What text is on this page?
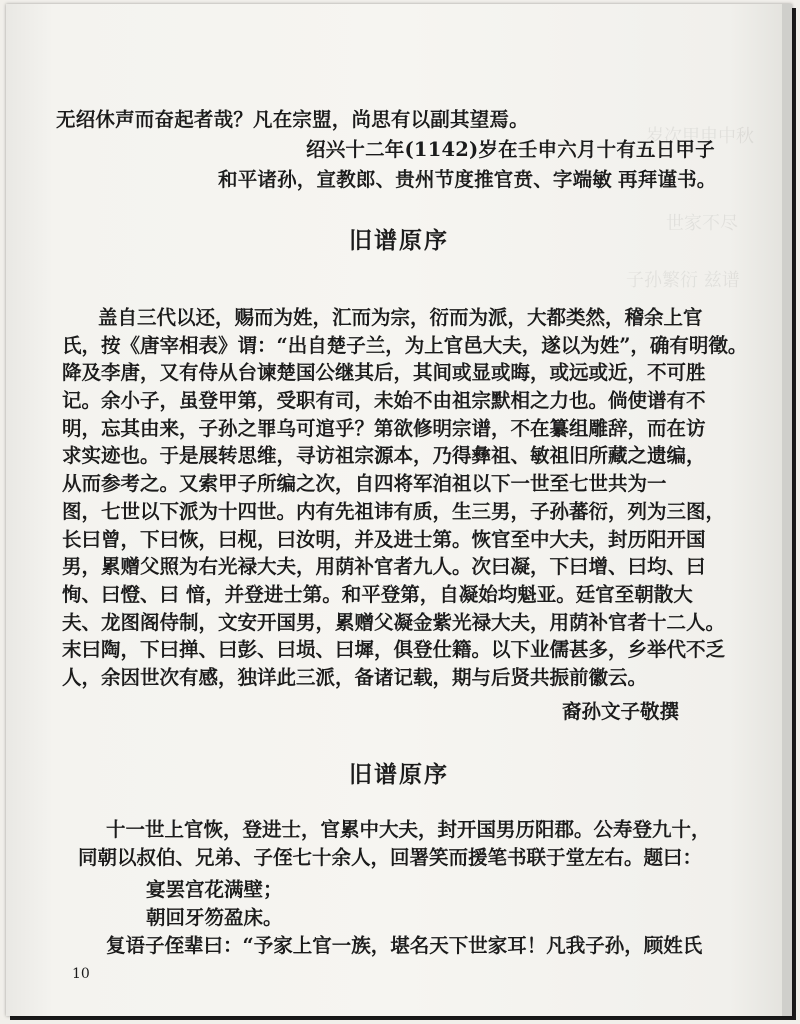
岁次甲申中秋
世家不尽
子孙繁衍 兹谱
无绍休声而奋起者哉？凡在宗盟，尚思有以副其望焉。
绍兴十二年(1142)岁在壬申六月十有五日甲子
和平诸孙，宣教郎、贵州节度推官贲、字端敏 再拜谨书。
旧谱原序
盖自三代以还，赐而为姓，汇而为宗，衍而为派，大都类然，稽余上官
氏，按《唐宰相表》谓：“出自楚子兰，为上官邑大夫，遂以为姓”，确有明徵。
降及李唐，又有侍从台谏楚国公继其后，其间或显或晦，或远或近，不可胜
记。余小子，虽登甲第，受职有司，未始不由祖宗默相之力也。倘使谱有不
明，忘其由来，子孙之罪乌可逭乎？第欲修明宗谱，不在纂组雕辞，而在访
求实迹也。于是展转思维，寻访祖宗源本，乃得彝祖、敏祖旧所藏之遗编，
从而参考之。又索甲子所编之次，自四将军洎祖以下一世至七世共为一
图，七世以下派为十四世。内有先祖讳有质，生三男，子孙蕃衍，列为三图，
长曰曾，下曰恢，曰枧，曰汝明，并及进士第。恢官至中大夫，封历阳开国
男，累赠父照为右光禄大夫，用荫补官者九人。次曰凝，下曰增、曰均、曰
恂、曰憕、曰 愔，并登进士第。和平登第，自凝始均魁亚。廷官至朝散大
夫、龙图阁侍制，文安开国男，累赠父凝金紫光禄大夫，用荫补官者十二人。
末曰陶，下曰掸、曰彭、曰埙、曰墀，俱登仕籍。以下业儒甚多，乡举代不乏
人，余因世次有感，独详此三派，备诸记载，期与后贤共振前徽云。
裔孙文子敬撰
旧谱原序
十一世上官恢，登进士，官累中大夫，封开国男历阳郡。公寿登九十，
同朝以叔伯、兄弟、子侄七十余人，回署笑而援笔书联于堂左右。题曰：
宴罢宫花满壁；
朝回牙笏盈床。
复语子侄辈曰：“予家上官一族，堪名天下世家耳！凡我子孙，顾姓氏
10
